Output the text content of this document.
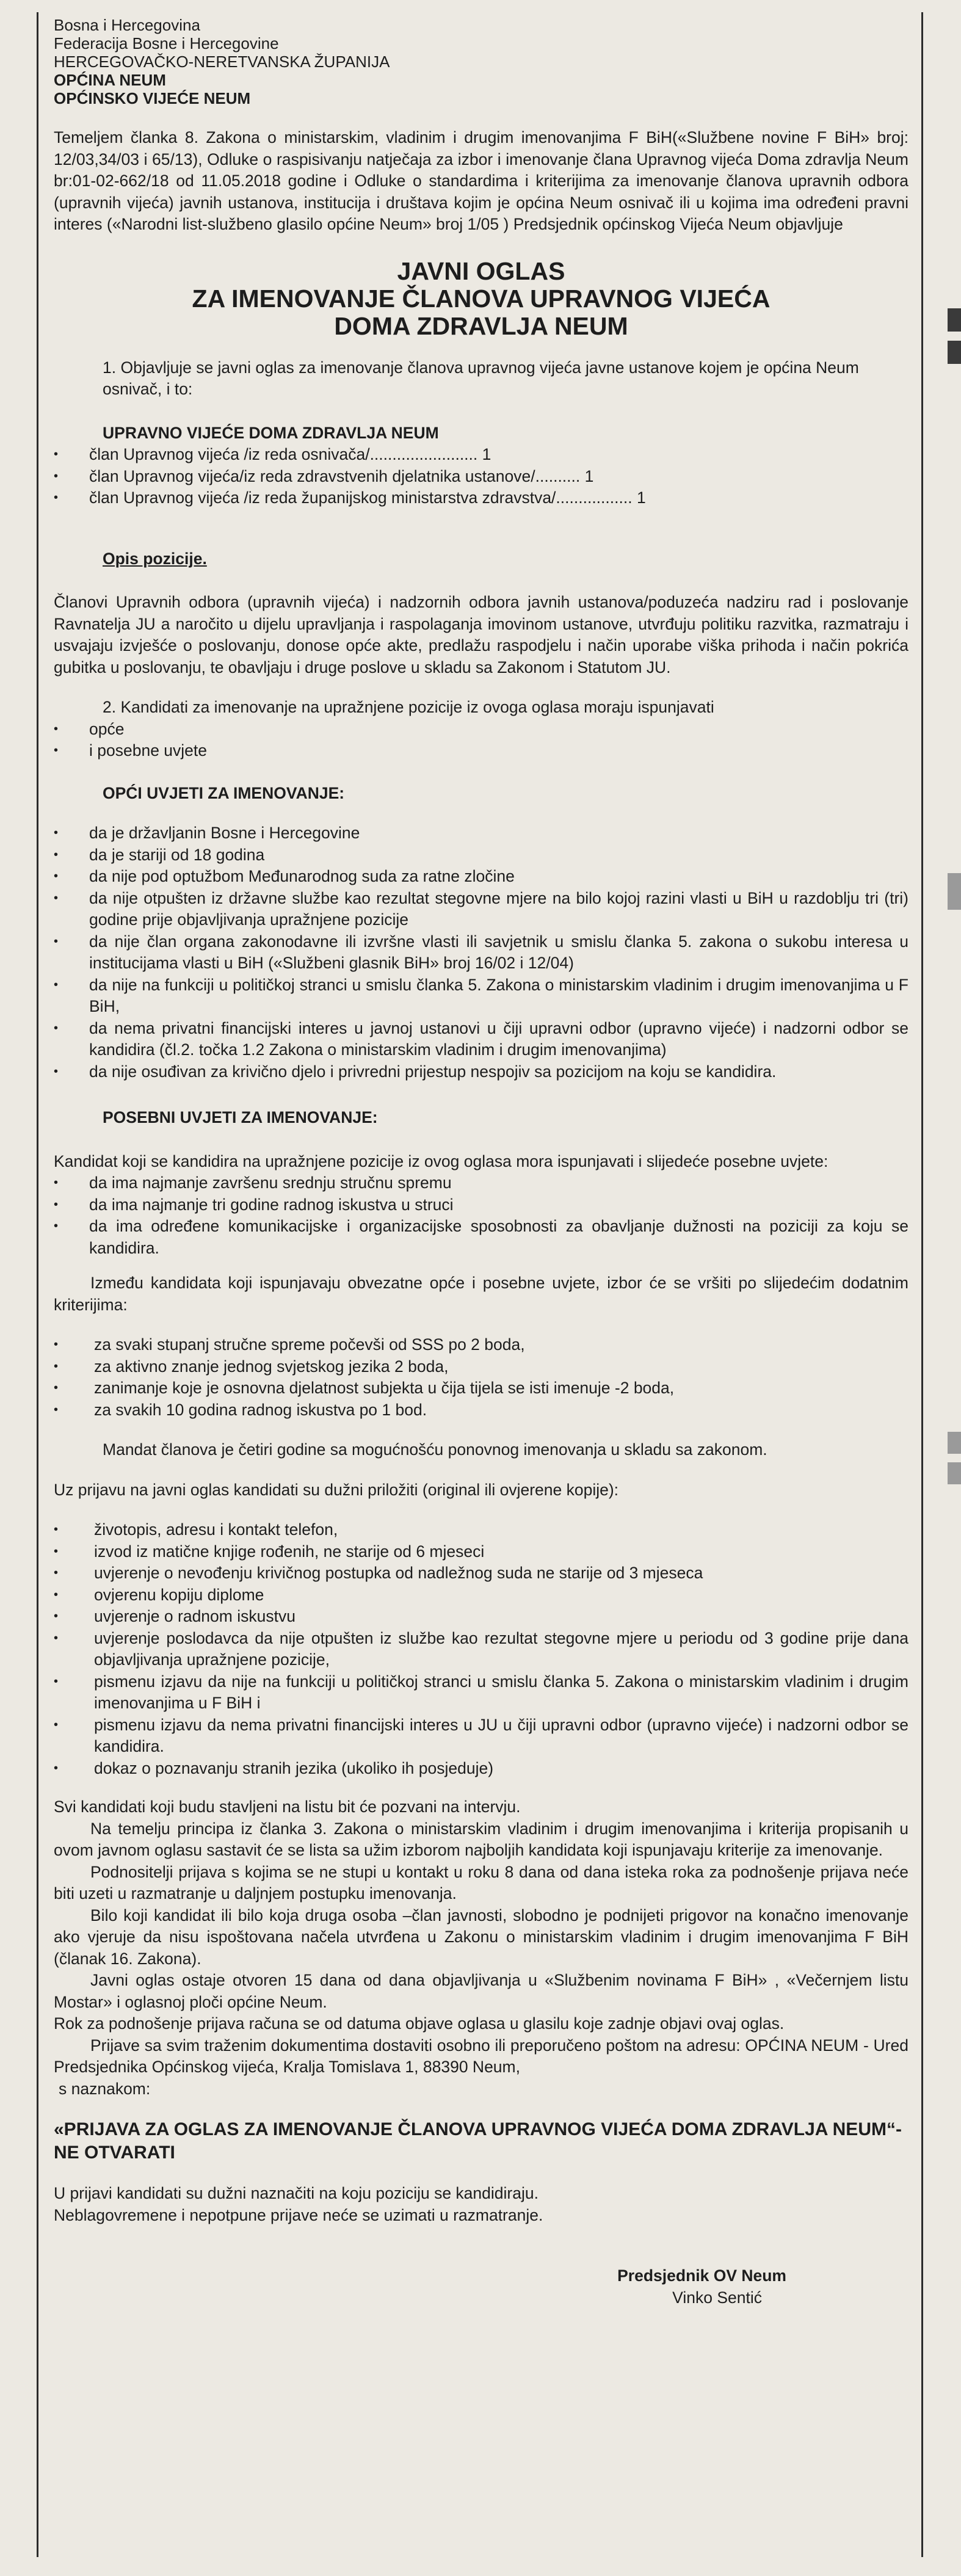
Bosna i Hercegovina

Federacija Bosne i Hercegovine

HERCEGOVAČKO-NERETVANSKA ŽUPANIJA

OPĆINA NEUM

OPĆINSKO VIJEĆE NEUM

Temeljem članka 8. Zakona o ministarskim, vladinim i drugim imenovanjima F BiH(«Službene novine F BiH» broj: 12/03,34/03 i 65/13), Odluke o raspisivanju natječaja za izbor i imenovanje člana Upravnog vijeća Doma zdravlja Neum br:01-02-662/18 od 11.05.2018 godine i Odluke o standardima i kriterijima za imenovanje članova upravnih odbora (upravnih vijeća) javnih ustanova, institucija i društava kojim je općina Neum osnivač ili u kojima ima određeni pravni interes («Narodni list-službeno glasilo općine Neum» broj 1/05 ) Predsjednik općinskog Vijeća Neum objavljuje

JAVNI OGLAS

ZA IMENOVANJE ČLANOVA UPRAVNOG VIJEĆA

DOMA ZDRAVLJA NEUM

1. Objavljuje se javni oglas za imenovanje članova upravnog vijeća javne ustanove kojem je općina Neum osnivač, i to:

UPRAVNO VIJEĆE DOMA ZDRAVLJA NEUM

• član Upravnog vijeća /iz reda osnivača/........................ 1
• član Upravnog vijeća/iz reda zdravstvenih djelatnika ustanove/.......... 1
• član Upravnog vijeća /iz reda županijskog ministarstva zdravstva/................. 1

Opis pozicije.

Članovi Upravnih odbora (upravnih vijeća) i nadzornih odbora javnih ustanova/poduzeća nadziru rad i poslovanje Ravnatelja JU a naročito u dijelu upravljanja i raspolaganja imovinom ustanove, utvrđuju politiku razvitka, razmatraju i usvajaju izvješće o poslovanju, donose opće akte, predlažu raspodjelu i način uporabe viška prihoda i način pokrića gubitka u poslovanju, te obavljaju i druge poslove u skladu sa Zakonom i Statutom JU.

2. Kandidati za imenovanje na upražnjene pozicije iz ovoga oglasa moraju ispunjavati

• opće
• i posebne uvjete

OPĆI UVJETI ZA IMENOVANJE:

• da je državljanin Bosne i Hercegovine
• da je stariji od 18 godina
• da nije pod optužbom Međunarodnog suda za ratne zločine
• da nije otpušten iz državne službe kao rezultat stegovne mjere na bilo kojoj razini vlasti u BiH u razdoblju tri (tri) godine prije objavljivanja upražnjene pozicije
• da nije član organa zakonodavne ili izvršne vlasti ili savjetnik u smislu članka 5. zakona o sukobu interesa u institucijama vlasti u BiH («Službeni glasnik BiH» broj 16/02 i 12/04)
• da nije na funkciji u političkoj stranci u smislu članka 5. Zakona o ministarskim vladinim i drugim imenovanjima u F BiH,
• da nema privatni financijski interes u javnoj ustanovi u čiji upravni odbor (upravno vijeće) i nadzorni odbor se kandidira (čl.2. točka 1.2 Zakona o ministarskim vladinim i drugim imenovanjima)
• da nije osuđivan za krivično djelo i privredni prijestup nespojiv sa pozicijom na koju se kandidira.

POSEBNI UVJETI ZA IMENOVANJE:

Kandidat koji se kandidira na upražnjene pozicije iz ovog oglasa mora ispunjavati i slijedeće posebne uvjete:

• da ima najmanje završenu srednju stručnu spremu
• da ima najmanje tri godine radnog iskustva u struci
• da ima određene komunikacijske i organizacijske sposobnosti za obavljanje dužnosti na poziciji za koju se kandidira.

Između kandidata koji ispunjavaju obvezatne opće i posebne uvjete, izbor će se vršiti po slijedećim dodatnim kriterijima:

• za svaki stupanj stručne spreme počevši od SSS po 2 boda,
• za aktivno znanje jednog svjetskog jezika 2 boda,
• zanimanje koje je osnovna djelatnost subjekta u čija tijela se isti imenuje -2 boda,
• za svakih 10 godina radnog iskustva po 1 bod.

Mandat članova je četiri godine sa mogućnošću ponovnog imenovanja u skladu sa zakonom.

Uz prijavu na javni oglas kandidati su dužni priložiti (original ili ovjerene kopije):

• životopis, adresu i kontakt telefon,
• izvod iz matične knjige rođenih, ne starije od 6 mjeseci
• uvjerenje o nevođenju krivičnog postupka od nadležnog suda ne starije od 3 mjeseca
• ovjerenu kopiju diplome
• uvjerenje o radnom iskustvu
• uvjerenje poslodavca da nije otpušten iz službe kao rezultat stegovne mjere u periodu od 3 godine prije dana objavljivanja upražnjene pozicije,
• pismenu izjavu da nije na funkciji u političkoj stranci u smislu članka 5. Zakona o ministarskim vladinim i drugim imenovanjima u F BiH i
• pismenu izjavu da nema privatni financijski interes u JU u čiji upravni odbor (upravno vijeće) i nadzorni odbor se kandidira.
• dokaz o poznavanju stranih jezika (ukoliko ih posjeduje)

Svi kandidati koji budu stavljeni na listu bit će pozvani na intervju.

Na temelju principa iz članka 3. Zakona o ministarskim vladinim i drugim imenovanjima i kriterija propisanih u ovom javnom oglasu sastavit će se lista sa užim izborom najboljih kandidata koji ispunjavaju kriterije za imenovanje.

Podnositelji prijava s kojima se ne stupi u kontakt u roku 8 dana od dana isteka roka za podnošenje prijava neće biti uzeti u razmatranje u daljnjem postupku imenovanja.

Bilo koji kandidat ili bilo koja druga osoba –član javnosti, slobodno je podnijeti prigovor na konačno imenovanje ako vjeruje da nisu ispoštovana načela utvrđena u Zakonu o ministarskim vladinim i drugim imenovanjima F BiH (članak 16. Zakona).

Javni oglas ostaje otvoren 15 dana od dana objavljivanja u «Službenim novinama F BiH» , «Večernjem listu Mostar» i oglasnoj ploči općine Neum.

Rok za podnošenje prijava računa se od datuma objave oglasa u glasilu koje zadnje objavi ovaj oglas.

Prijave sa svim traženim dokumentima dostaviti osobno ili preporučeno poštom na adresu: OPĆINA NEUM - Ured Predsjednika Općinskog vijeća, Kralja Tomislava 1, 88390 Neum,

s naznakom:

«PRIJAVA ZA OGLAS ZA IMENOVANJE ČLANOVA UPRAVNOG VIJEĆA DOMA ZDRAVLJA NEUM“-NE OTVARATI

U prijavi kandidati su dužni naznačiti na koju poziciju se kandidiraju.

Neblagovremene i nepotpune prijave neće se uzimati u razmatranje.

Predsjednik OV Neum

Vinko Sentić
